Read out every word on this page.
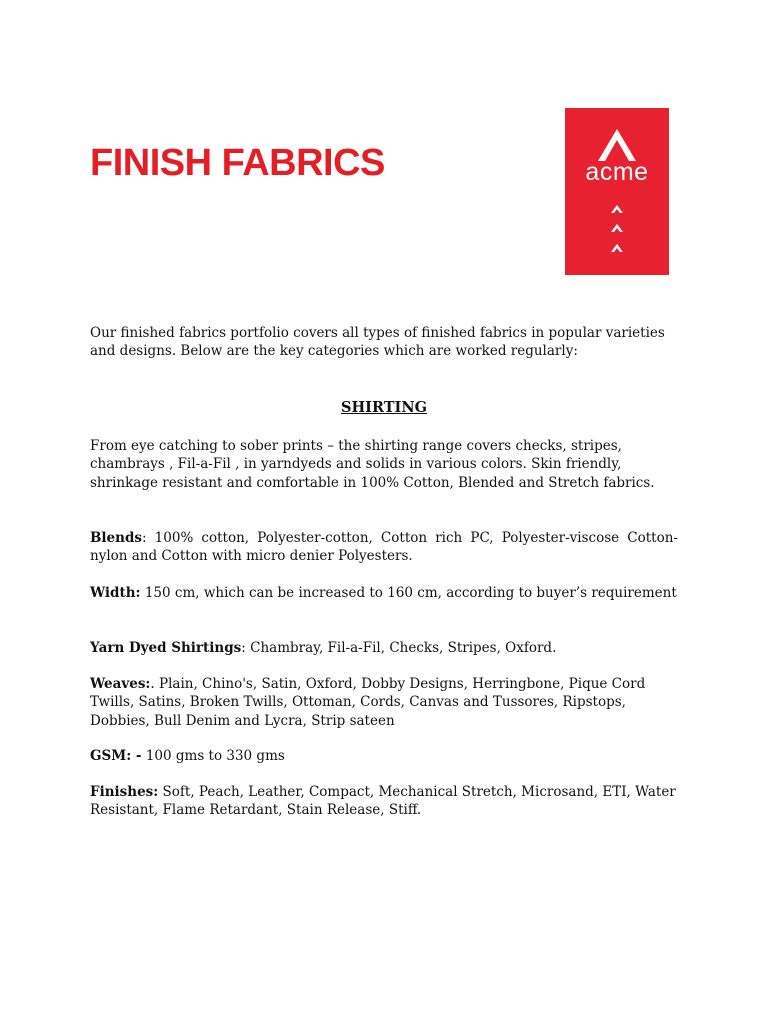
FINISH FABRICS	acme

Our finished fabrics portfolio covers all types of finished fabrics in popular varieties and designs. Below are the key categories which are worked regularly:

SHIRTING

From eye catching to sober prints – the shirting range covers checks, stripes, chambrays , Fil-a-Fil , in yarndyeds and solids in various colors. Skin friendly, shrinkage resistant and comfortable in 100% Cotton, Blended and Stretch fabrics.

Blends: 100% cotton, Polyester-cotton, Cotton rich PC, Polyester-viscose Cotton-nylon and Cotton with micro denier Polyesters.

Width: 150 cm, which can be increased to 160 cm, according to buyer’s requirement

Yarn Dyed Shirtings: Chambray, Fil-a-Fil, Checks, Stripes, Oxford.

Weaves:. Plain, Chino's, Satin, Oxford, Dobby Designs, Herringbone, Pique Cord Twills, Satins, Broken Twills, Ottoman, Cords, Canvas and Tussores, Ripstops, Dobbies, Bull Denim and Lycra, Strip sateen

GSM: - 100 gms to 330 gms

Finishes: Soft, Peach, Leather, Compact, Mechanical Stretch, Microsand, ETI, Water Resistant, Flame Retardant, Stain Release, Stiff.
